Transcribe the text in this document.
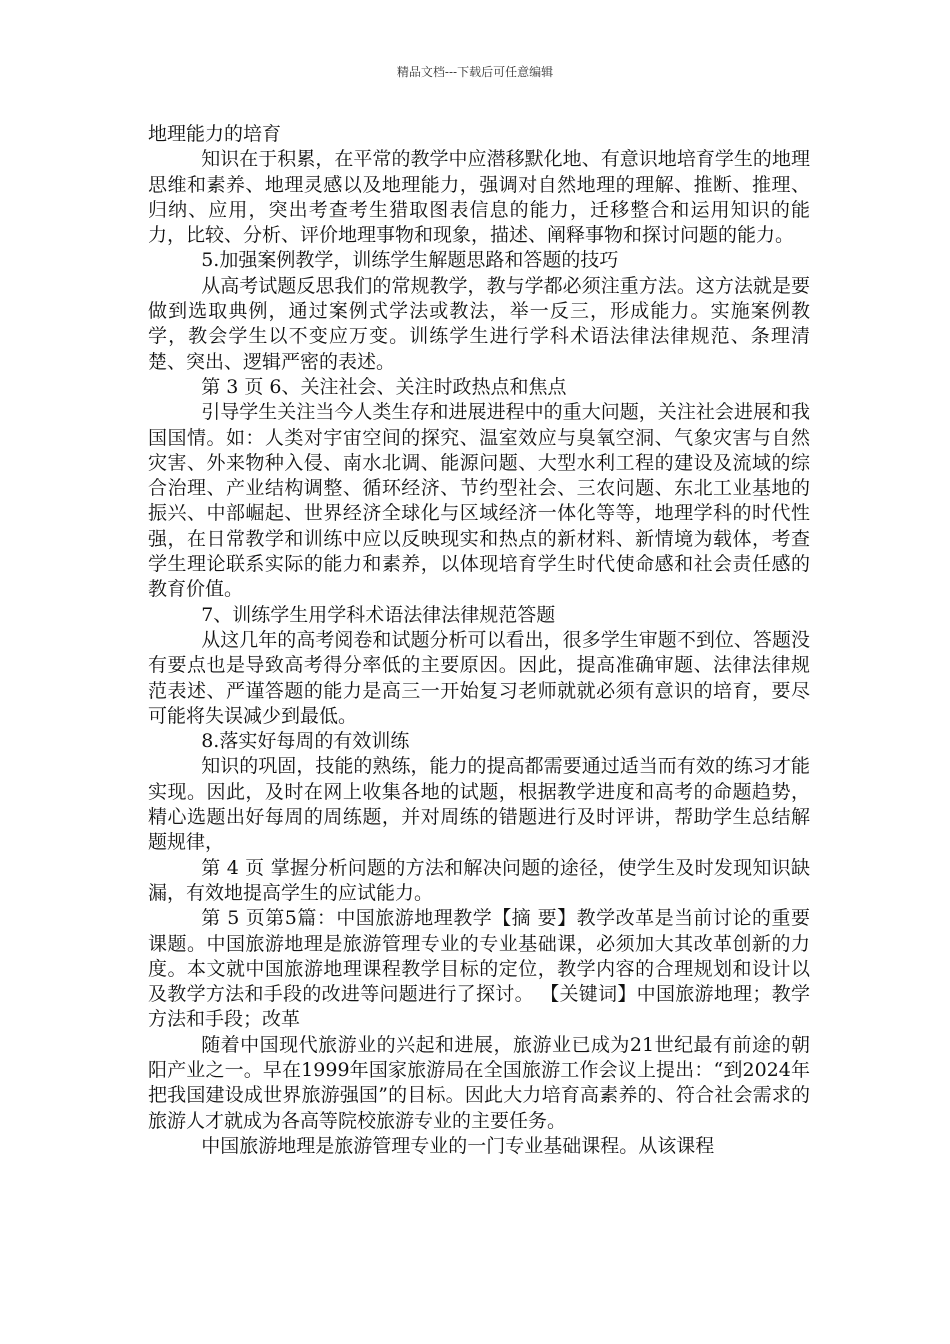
精品文档---下载后可任意编辑

地理能力的培育

知识在于积累，在平常的教学中应潜移默化地、有意识地培育学生的地理思维和素养、地理灵感以及地理能力，强调对自然地理的理解、推断、推理、归纳、应用，突出考查考生猎取图表信息的能力，迁移整合和运用知识的能力，比较、分析、评价地理事物和现象，描述、阐释事物和探讨问题的能力。

5.加强案例教学，训练学生解题思路和答题的技巧

从高考试题反思我们的常规教学，教与学都必须注重方法。这方法就是要做到选取典例，通过案例式学法或教法，举一反三，形成能力。实施案例教学，教会学生以不变应万变。训练学生进行学科术语法律法律规范、条理清楚、突出、逻辑严密的表述。

第 3 页 6、关注社会、关注时政热点和焦点

引导学生关注当今人类生存和进展进程中的重大问题，关注社会进展和我国国情。如：人类对宇宙空间的探究、温室效应与臭氧空洞、气象灾害与自然灾害、外来物种入侵、南水北调、能源问题、大型水利工程的建设及流域的综合治理、产业结构调整、循环经济、节约型社会、三农问题、东北工业基地的振兴、中部崛起、世界经济全球化与区域经济一体化等等，地理学科的时代性强，在日常教学和训练中应以反映现实和热点的新材料、新情境为载体，考查学生理论联系实际的能力和素养，以体现培育学生时代使命感和社会责任感的教育价值。

7、训练学生用学科术语法律法律规范答题

从这几年的高考阅卷和试题分析可以看出，很多学生审题不到位、答题没有要点也是导致高考得分率低的主要原因。因此，提高准确审题、法律法律规范表述、严谨答题的能力是高三一开始复习老师就就必须有意识的培育，要尽可能将失误减少到最低。

8.落实好每周的有效训练

知识的巩固，技能的熟练，能力的提高都需要通过适当而有效的练习才能实现。因此，及时在网上收集各地的试题，根据教学进度和高考的命题趋势，精心选题出好每周的周练题，并对周练的错题进行及时评讲，帮助学生总结解题规律，

第 4 页 掌握分析问题的方法和解决问题的途径，使学生及时发现知识缺漏，有效地提高学生的应试能力。

第 5 页第5篇：中国旅游地理教学【摘 要】教学改革是当前讨论的重要课题。中国旅游地理是旅游管理专业的专业基础课，必须加大其改革创新的力度。本文就中国旅游地理课程教学目标的定位，教学内容的合理规划和设计以及教学方法和手段的改进等问题进行了探讨。 【关键词】中国旅游地理；教学方法和手段；改革

随着中国现代旅游业的兴起和进展，旅游业已成为21世纪最有前途的朝阳产业之一。早在1999年国家旅游局在全国旅游工作会议上提出：“到2024年把我国建设成世界旅游强国”的目标。因此大力培育高素养的、符合社会需求的旅游人才就成为各高等院校旅游专业的主要任务。

中国旅游地理是旅游管理专业的一门专业基础课程。从该课程
